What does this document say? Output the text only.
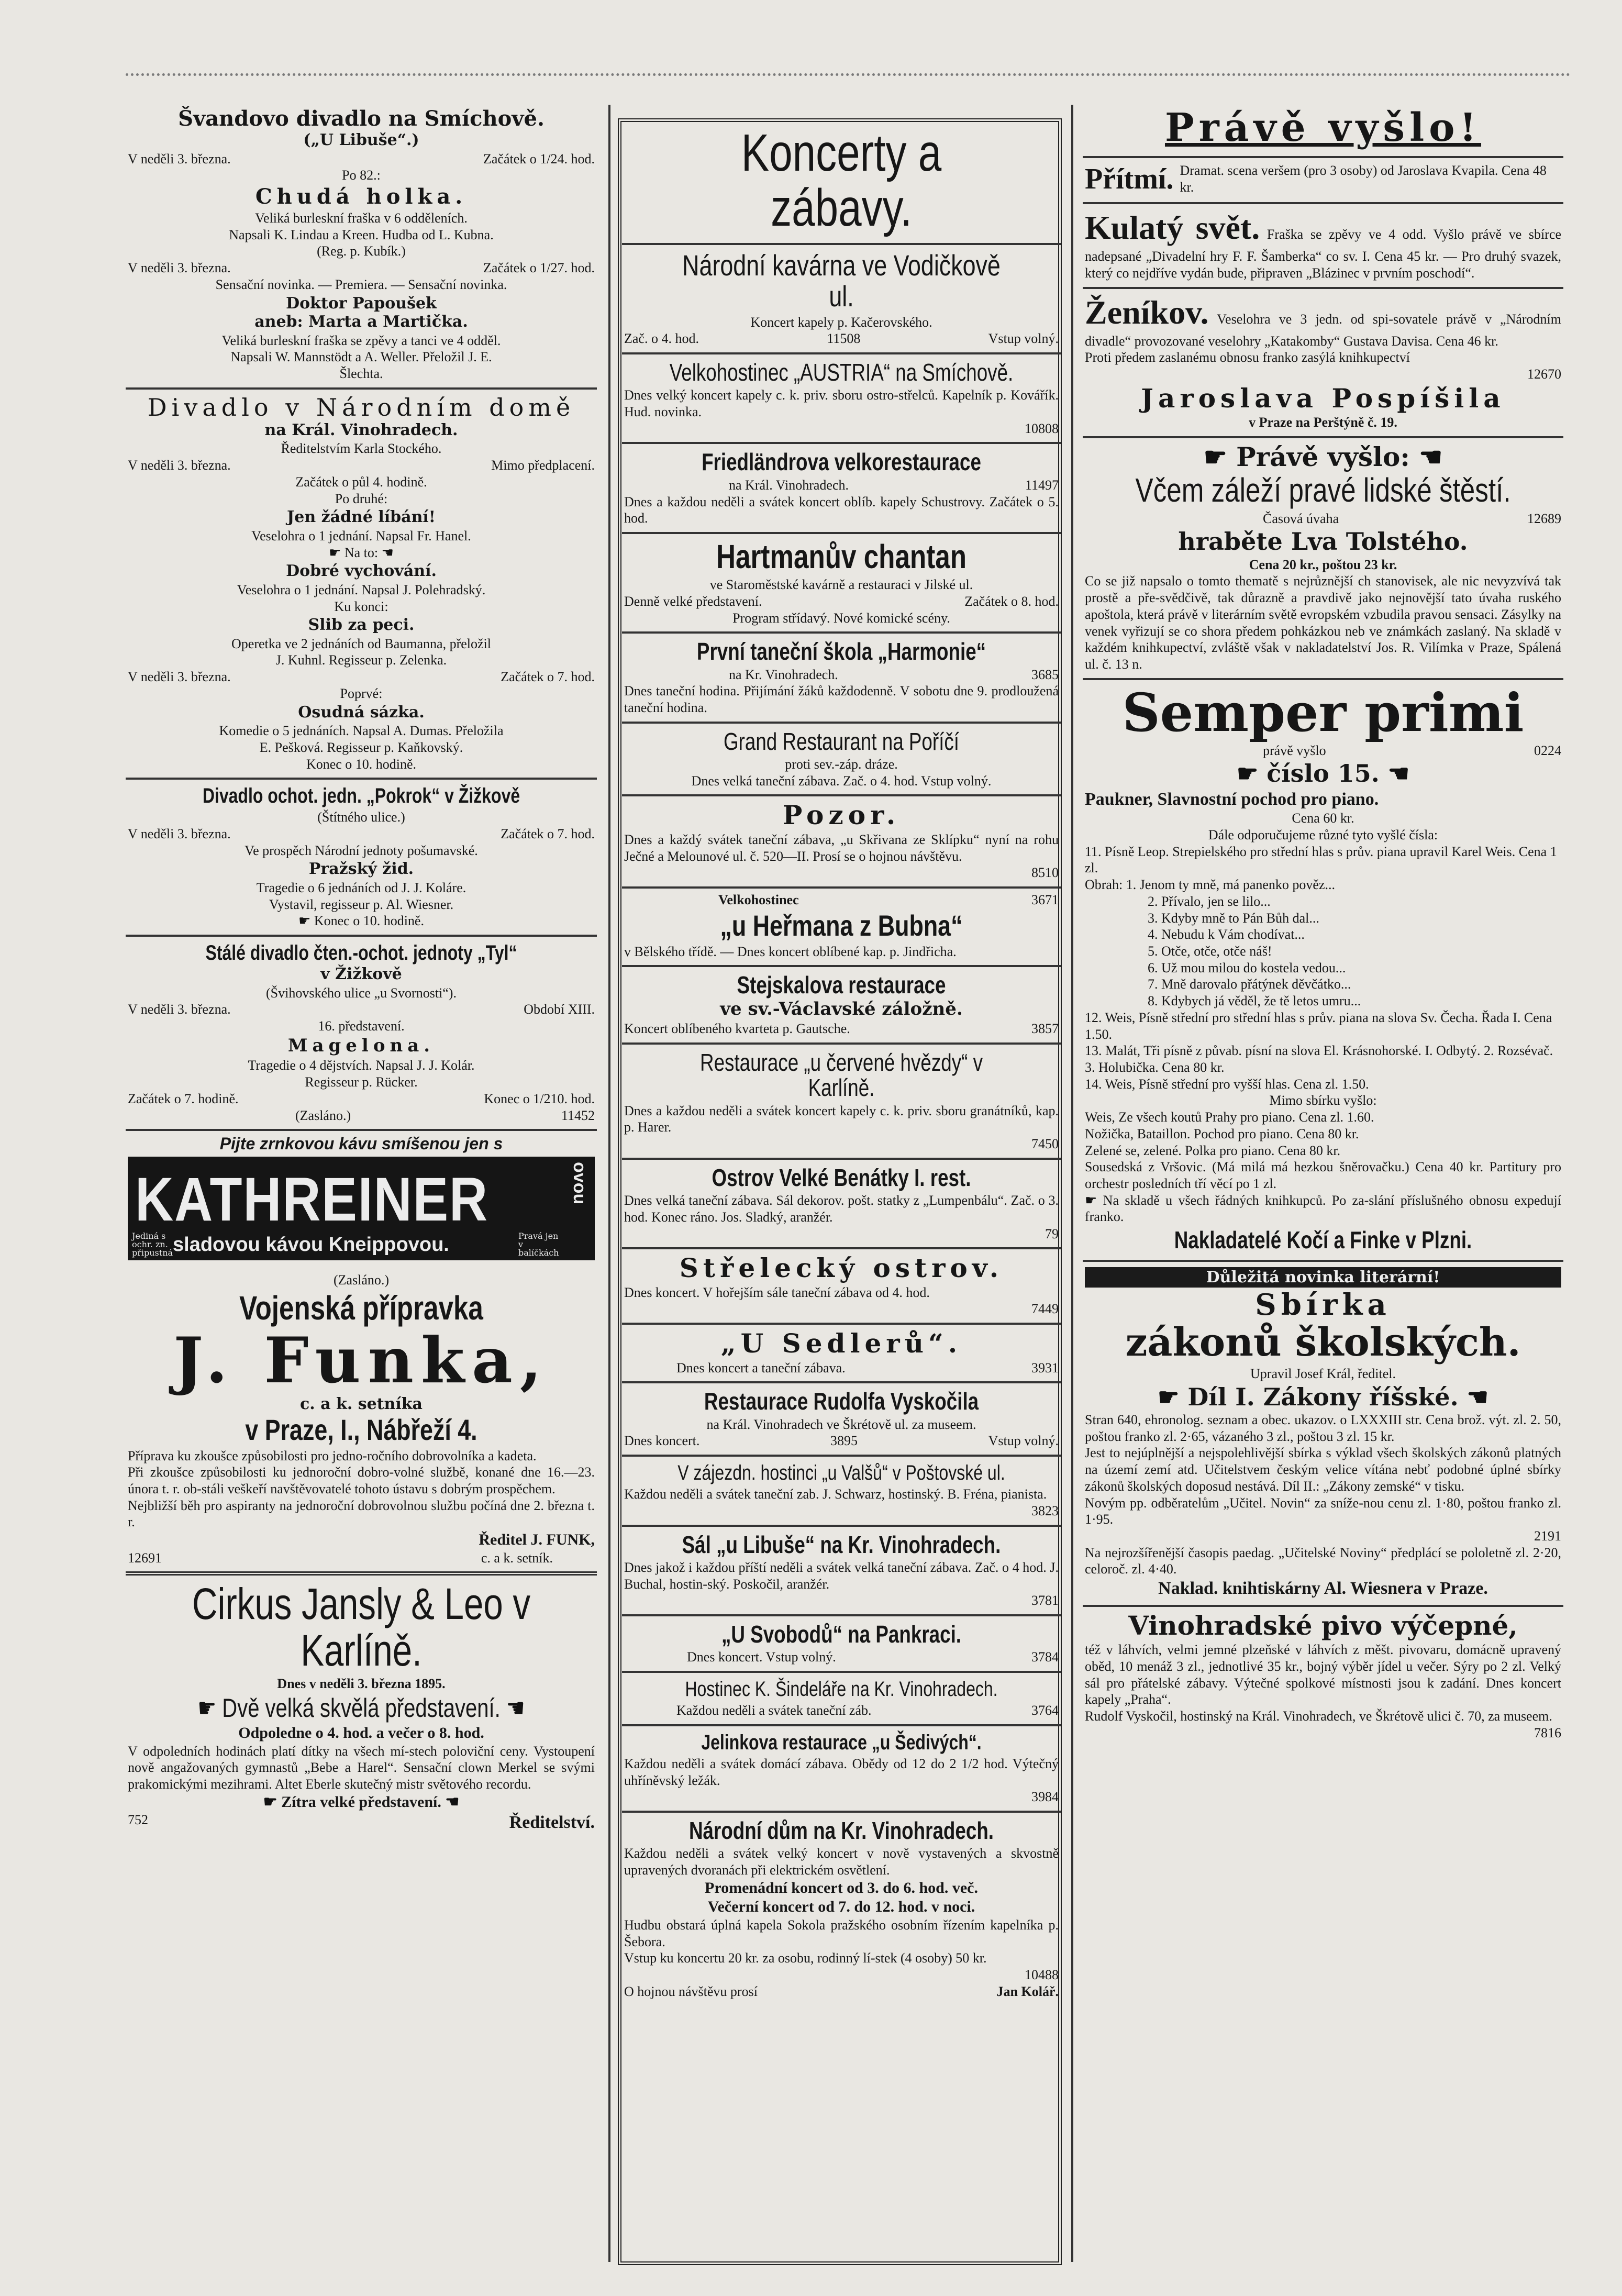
Švandovo divadlo na Smíchově.
(„U Libuše“.)
V neděli 3. března.	Začátek o 1/24. hod.
Po 82.:
Chudá holka.
Veliká burleskní fraška v 6 odděleních.
Napsali K. Lindau a Kreen. Hudba od L. Kubna.
(Reg. p. Kubík.)
V neděli 3. března.	Začátek o 1/27. hod.
Sensační novinka. — Premiera. — Sensační novinka.
Doktor Papoušek
aneb: Marta a Martička.
Veliká burleskní fraška se zpěvy a tanci ve 4 odděl.
Napsali W. Mannstödt a A. Weller. Přeložil J. E.
Šlechta.
Divadlo v Národním domě
na Král. Vinohradech.
Ředitelstvím Karla Stockého.
V neděli 3. března.	Mimo předplacení.
Začátek o půl 4. hodině.
Po druhé:
Jen žádné líbání!
Veselohra o 1 jednání. Napsal Fr. Hanel.
☛ Na to: ☚
Dobré vychování.
Veselohra o 1 jednání. Napsal J. Polehradský.
Ku konci:
Slib za peci.
Operetka ve 2 jednáních od Baumanna, přeložil
J. Kuhnl. Regisseur p. Zelenka.
V neděli 3. března.	Začátek o 7. hod.
Poprvé:
Osudná sázka.
Komedie o 5 jednáních. Napsal A. Dumas. Přeložila
E. Pešková. Regisseur p. Kaňkovský.
Konec o 10. hodině.
Divadlo ochot. jedn. „Pokrok“ v Žižkově
(Štítného ulice.)
V neděli 3. března.	Začátek o 7. hod.
Ve prospěch Národní jednoty pošumavské.
Pražský žid.
Tragedie o 6 jednáních od J. J. Koláre.
Vystavil, regisseur p. Al. Wiesner.
☛ Konec o 10. hodině.
Stálé divadlo čten.-ochot. jednoty „Tyl“
v Žižkově
(Švihovského ulice „u Svornosti“).
V neděli 3. března.	Období XIII.
16. představení.
Magelona.
Tragedie o 4 dějstvích. Napsal J. J. Kolár.
Regisseur p. Rücker.
Začátek o 7. hodině.	Konec o 1/210. hod.
(Zasláno.)	11452
Pijte zrnkovou kávu smíšenou jen s
KATHREINER	ovou
Jediná s ochr. zn. připustná sladovou kávou Kneippovou.	Pravá jen v balíčkách
(Zasláno.)
Vojenská přípravka
J. Funka,
c. a k. setníka
v Praze, I., Nábřeží 4.
Příprava ku zkoušce způsobilosti pro jedno-ročního dobrovolníka a kadeta.
Při zkoušce způsobilosti ku jednoroční dobro-volné službě, konané dne 16.—23. února t. r. ob-stáli veškeří navštěvovatelé tohoto ústavu s dobrým prospěchem.
Nejbližší běh pro aspiranty na jednoroční dobrovolnou službu počíná dne 2. března t. r.
Ředitel J. FUNK,
12691	c. a k. setník.
Cirkus Jansly & Leo v Karlíně.
Dnes v neděli 3. března 1895.
☛ Dvě velká skvělá představení. ☚
Odpoledne o 4. hod. a večer o 8. hod.
V odpoledních hodinách platí dítky na všech mí-stech poloviční ceny. Vystoupení nově angažovaných gymnastů „Bebe a Harel“. Sensační clown Merkel se svými prakomickými mezihrami. Altet Eberle skutečný mistr světového recordu.
☛ Zítra velké představení. ☚
752	Ředitelství.
Koncerty a zábavy.
Národní kavárna ve Vodičkově ul.
Koncert kapely p. Kačerovského.
Zač. o 4. hod.	11508	Vstup volný.
Velkohostinec „AUSTRIA“ na Smíchově.
Dnes velký koncert kapely c. k. priv. sboru ostro-střelců. Kapelník p. Kovářík. Hud. novinka.
10808
Friedländrova velkorestaurace
na Král. Vinohradech.	11497
Dnes a každou neděli a svátek koncert oblíb. kapely Schustrovy. Začátek o 5. hod.
Hartmanův chantan
ve Staroměstské kavárně a restauraci v Jilské ul.
Denně velké představení.	Začátek o 8. hod.
Program střídavý. Nové komické scény.
První taneční škola „Harmonie“
na Kr. Vinohradech.	3685
Dnes taneční hodina. Přijímání žáků každodenně. V sobotu dne 9. prodloužená taneční hodina.
Grand Restaurant na Poříčí
proti sev.-záp. dráze.
Dnes velká taneční zábava. Zač. o 4. hod. Vstup volný.
Pozor.
Dnes a každý svátek taneční zábava, „u Skřivana ze Sklípku“ nyní na rohu Ječné a Melounové ul. č. 520—II. Prosí se o hojnou návštěvu.
8510
Velkohostinec	3671
„u Heřmana z Bubna“
v Bělského třídě. — Dnes koncert oblíbené kap. p. Jindřicha.
Stejskalova restaurace
ve sv.-Václavské záložně.
Koncert oblíbeného kvarteta p. Gautsche.	3857
Restaurace „u červené hvězdy“ v Karlíně.
Dnes a každou neděli a svátek koncert kapely c. k. priv. sboru granátníků, kap. p. Harer.
7450
Ostrov Velké Benátky I. rest.
Dnes velká taneční zábava. Sál dekorov. pošt. statky z „Lumpenbálu“. Zač. o 3. hod. Konec ráno. Jos. Sladký, aranžér.
79
Střelecký ostrov.
Dnes koncert. V hořejším sále taneční zábava od 4. hod.
7449
„U Sedlerů“.
Dnes koncert a taneční zábava.	3931
Restaurace Rudolfa Vyskočila
na Král. Vinohradech ve Škrétově ul. za museem.
Dnes koncert.	3895	Vstup volný.
V zájezdn. hostinci „u Valšů“ v Poštovské ul.
Každou neděli a svátek taneční zab. J. Schwarz, hostinský. B. Fréna, pianista.
3823
Sál „u Libuše“ na Kr. Vinohradech.
Dnes jakož i každou příští neděli a svátek velká taneční zábava. Zač. o 4 hod. J. Buchal, hostin-ský. Poskočil, aranžér.
3781
„U Svobodů“ na Pankraci.
Dnes koncert. Vstup volný.	3784
Hostinec K. Šindeláře na Kr. Vinohradech.
Každou neděli a svátek taneční záb.	3764
Jelinkova restaurace „u Šedivých“.
Každou neděli a svátek domácí zábava. Obědy od 12 do 2 1/2 hod. Výtečný uhříněvský ležák.
3984
Národní dům na Kr. Vinohradech.
Každou neděli a svátek velký koncert v nově vystavených a skvostně upravených dvoranách při elektrickém osvětlení.
Promenádní koncert od 3. do 6. hod. več.
Večerní koncert od 7. do 12. hod. v noci.
Hudbu obstará úplná kapela Sokola pražského osobním řízením kapelníka p. Šebora.
Vstup ku koncertu 20 kr. za osobu, rodinný lí-stek (4 osoby) 50 kr.
10488
O hojnou návštěvu prosí	Jan Kolář.
Právě vyšlo!
Přítmí. Dramat. scena veršem (pro 3 osoby) od Jaroslava Kvapila. Cena 48 kr.
Kulatý svět. Fraška se zpěvy ve 4 odd. Vyšlo právě ve sbírce nadepsané „Divadelní hry F. F. Šamberka“ co sv. I. Cena 45 kr. — Pro druhý svazek, který co nejdříve vydán bude, připraven „Blázinec v prvním poschodí“.
Ženíkov. Veselohra ve 3 jedn. od spi-sovatele právě v „Národním divadle“ provozované veselohry „Katakomby“ Gustava Davisa. Cena 46 kr.
Proti předem zaslanému obnosu franko zasýlá knihkupectví
12670
Jaroslava Pospíšila
v Praze na Perštýně č. 19.
☛ Právě vyšlo: ☚
Včem záleží pravé lidské štěstí.
Časová úvaha	12689
hraběte Lva Tolstého.
Cena 20 kr., poštou 23 kr.
Co se již napsalo o tomto thematě s nejrůznější ch stanovisek, ale nic nevyzvívá tak prostě a pře-svědčivě, tak důrazně a pravdivě jako nejnovější tato úvaha ruského apoštola, která právě v literárním světě evropském vzbudila pravou sensaci. Zásylky na venek vyřizují se co shora předem pohkázkou neb ve známkách zaslaný. Na skladě v každém knihkupectví, zvláště však v nakladatelství Jos. R. Vilímka v Praze, Spálená ul. č. 13 n.
Semper primi
právě vyšlo	0224
☛ číslo 15. ☚
Paukner, Slavnostní pochod pro piano.
Cena 60 kr.
Dále odporučujeme různé tyto vyšlé čísla:
11. Písně Leop. Strepielského pro střední hlas s prův. piana upravil Karel Weis. Cena 1 zl.
Obrah: 1. Jenom ty mně, má panenko pověz...
2. Přívalo, jen se lilo...
3. Kdyby mně to Pán Bůh dal...
4. Nebudu k Vám chodívat...
5. Otče, otče, otče náš!
6. Už mou milou do kostela vedou...
7. Mně darovalo přátýnek děvčátko...
8. Kdybych já věděl, že tě letos umru...
12. Weis, Písně střední pro střední hlas s prův. piana na slova Sv. Čecha. Řada I. Cena 1.50.
13. Malát, Tři písně z půvab. písní na slova El. Krásnohorské. I. Odbytý. 2. Rozsévač. 3. Holubička. Cena 80 kr.
14. Weis, Písně střední pro vyšší hlas. Cena zl. 1.50.
Mimo sbírku vyšlo:
Weis, Ze všech koutů Prahy pro piano. Cena zl. 1.60.
Nožička, Bataillon. Pochod pro piano. Cena 80 kr.
Zelené se, zelené. Polka pro piano. Cena 80 kr.
Sousedská z Vršovic. (Má milá má hezkou šněrovačku.) Cena 40 kr. Partitury pro orchestr posledních tří věcí po 1 zl.
☛ Na skladě u všech řádných knihkupců. Po za-slání příslušného obnosu expedují franko.
Nakladatelé Kočí a Finke v Plzni.
Důležitá novinka literární!
Sbírka
zákonů školských.
Upravil Josef Král, ředitel.
☛ Díl I. Zákony říšské. ☚
Stran 640, ehronolog. seznam a obec. ukazov. o LXXXIII str. Cena brož. výt. zl. 2. 50, poštou franko zl. 2·65, vázaného 3 zl., poštou 3 zl. 15 kr.
Jest to nejúplnější a nejspolehlivější sbírka s výklad všech školských zákonů platných na území zemí atd. Učitelstvem českým velice vítána nebť podobné úplné sbírky zákonů školských doposud nestává. Díl II.: „Zákony zemské“ v tisku.
Novým pp. odběratelům „Učitel. Novin“ za sníže-nou cenu zl. 1·80, poštou franko zl. 1·95.
2191
Na nejrozšířenější časopis paedag. „Učitelské Noviny“ předplácí se pololetně zl. 2·20, celoroč. zl. 4·40.
Naklad. knihtiskárny Al. Wiesnera v Praze.
Vinohradské pivo výčepné,
též v láhvích, velmi jemné plzeňské v láhvích z měšt. pivovaru, domácně upravený oběd, 10 menáž 3 zl., jednotlivé 35 kr., bojný výběr jídel u večer. Sýry po 2 zl. Velký sál pro přátelské zábavy. Výtečné spolkové místnosti jsou k zadání. Dnes koncert kapely „Praha“.
Rudolf Vyskočil, hostinský na Král. Vinohradech, ve Škrétově ulici č. 70, za museem.
7816
